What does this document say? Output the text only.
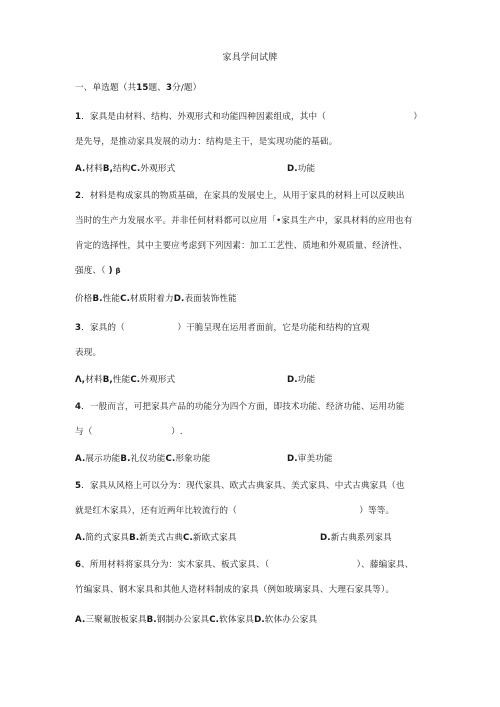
家具学问试牌
一、单选题（共15题、3分/题）
1．家具是由材料、结构、外观形式和功能四种因素组成，其中（　　　　　　　　　　）
是先导，是推动家具发展的动力：结构是主干，是实现功能的基础。
A.材料B,结构C.外观形式	D.功能
2．材料是构成家具的物质基础，在家具的发展史上，从用于家具的材料上可以反映出
当时的生产力发展水平。并非任何材料都可以应用「•家具生产中，家具材料的应用也有
肯定的选择性，其中主要应考虑到下列因素：加工工艺性、质地和外观质量、经济性、
强度、（ ) β
价格B.性能C.材质附着力D.表面装饰性能
3．家具的（　　　　　　）干脆呈现在运用者面前，它是功能和结构的宜观
表现。
Λ,材料B,性能C.外观形式	D.功能
4．一般而言，可把家具产品的功能分为四个方面，即技术功能、经济功能、运用功能
与（　　　　　　　　　）.
A.展示功能B.礼仪功能C.形象功能	D.审美功能
5．家具从风格上可以分为：现代家具、欧式古典家具、美式家具、中式古典家具（也
就是红木家具），还有近两年比较流行的（　　　　　　　　　　　　　　）等等。
A.简约式家具B.新美式古典C.新欧式家具	D.新古典系列家具
6、所用材料将家具分为：实木家具、板式家具、（　　　　　　　　　　）、藤编家具、
竹编家具、钢木家具和其他人造材料制成的家具（例如玻璃家具、大理石家具等）。
A.三聚氟胺板家具B.钢制办公家具C.软体家具D.软体办公家具
